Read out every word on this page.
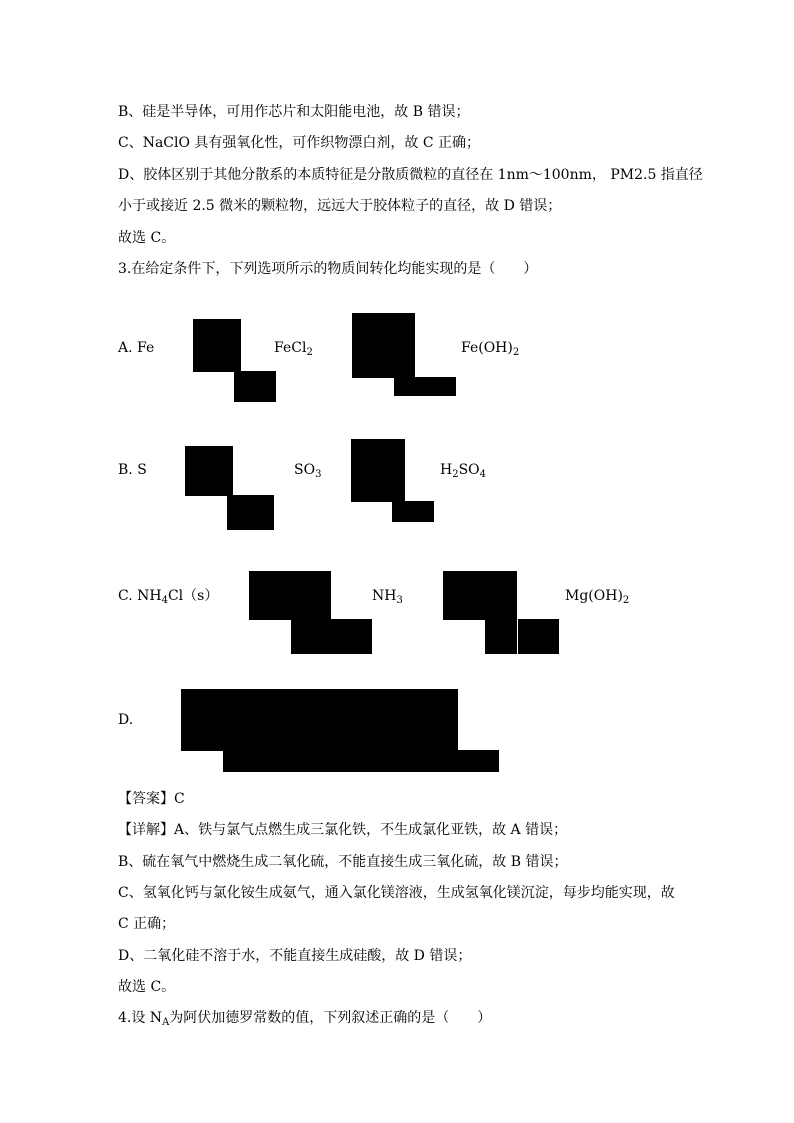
B、硅是半导体，可用作芯片和太阳能电池，故 B 错误；
C、NaClO 具有强氧化性，可作织物漂白剂，故 C 正确；
D、胶体区别于其他分散系的本质特征是分散质微粒的直径在 1nm～100nm， PM2.5 指直径
小于或接近 2.5 微米的颗粒物，远远大于胶体粒子的直径，故 D 错误；
故选 C。
3.在给定条件下，下列选项所示的物质间转化均能实现的是（　　）
A. Fe	FeCl$_2$	$Fe(OH)_2$
B. S	$SO_3$	$H_2SO_4$
C. $NH_4Cl(s)$	$NH_3$	$Mg(OH)_2$
D.
【答案】C
【详解】A、铁与氯气点燃生成三氯化铁，不生成氯化亚铁，故 A 错误；
B、硫在氧气中燃烧生成二氧化硫，不能直接生成三氧化硫，故 B 错误；
C、氢氧化钙与氯化铵生成氨气，通入氯化镁溶液，生成氢氧化镁沉淀，每步均能实现，故
C 正确；
D、二氧化硅不溶于水，不能直接生成硅酸，故 D 错误；
故选 C。
4.设 $N_A$为阿伏加德罗常数的值，下列叙述正确的是（　　）
